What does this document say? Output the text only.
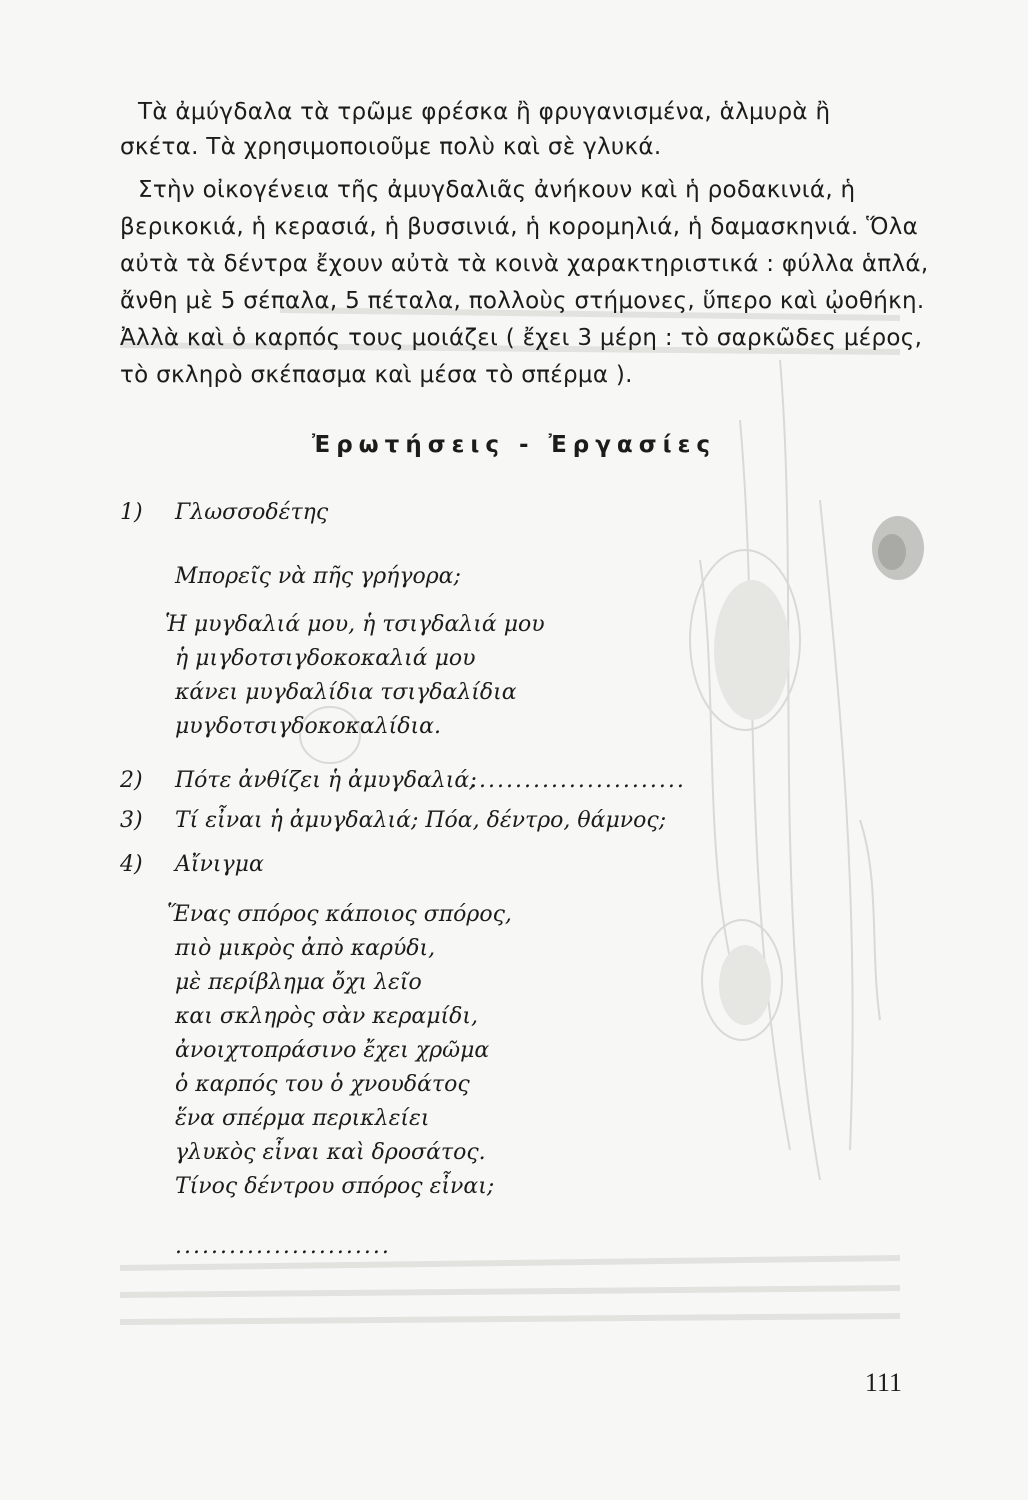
Τὰ ἀμύγδαλα τὰ τρῶμε φρέσκα ἢ φρυγανισμένα, ἁλμυρὰ ἢ
σκέτα. Τὰ χρησιμοποιοῦμε πολὺ καὶ σὲ γλυκά.
Στὴν οἰκογένεια τῆς ἀμυγδαλιᾶς ἀνήκουν καὶ ἡ ροδακινιά, ἡ
βερικοκιά, ἡ κερασιά, ἡ βυσσινιά, ἡ κορομηλιά, ἡ δαμασκηνιά. Ὅλα
αὐτὰ τὰ δέντρα ἔχουν αὐτὰ τὰ κοινὰ χαρακτηριστικά : φύλλα ἁπλά,
ἄνθη μὲ 5 σέπαλα, 5 πέταλα, πολλοὺς στήμονες, ὕπερο καὶ ᾠοθήκη.
Ἀλλὰ καὶ ὁ καρπός τους μοιάζει ( ἔχει 3 μέρη : τὸ σαρκῶδες μέρος,
τὸ σκληρὸ σκέπασμα καὶ μέσα τὸ σπέρμα ).
Ἐρωτήσεις - Ἐργασίες
1) Γλωσσοδέτης
Μπορεῖς νὰ πῆς γρήγορα;
Ἡ μυγδαλιά μου, ἡ τσιγδαλιά μου
ἡ μιγδοτσιγδοκοκαλιά μου
κάνει μυγδαλίδια τσιγδαλίδια
μυγδοτσιγδοκοκαλίδια.
2) Πότε ἀνθίζει ἡ ἀμυγδαλιά;
........................
3) Τί εἶναι ἡ ἀμυγδαλιά; Πόα, δέντρο, θάμνος;
4) Αἴνιγμα
Ἕνας σπόρος κάποιος σπόρος,
πιὸ μικρὸς ἀπὸ καρύδι,
μὲ περίβλημα ὄχι λεῖο
και σκληρὸς σὰν κεραμίδι,
ἀνοιχτοπράσινο ἔχει χρῶμα
ὁ καρπός του ὁ χνουδάτος
ἕνα σπέρμα περικλείει
γλυκὸς εἶναι καὶ δροσάτος.
Τίνος δέντρου σπόρος εἶναι;
........................
111
